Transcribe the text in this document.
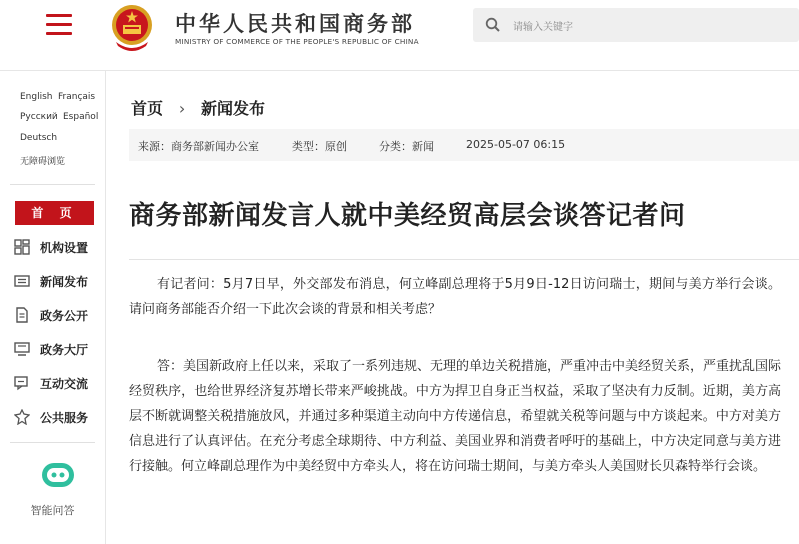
中华人民共和国商务部
MINISTRY OF COMMERCE OF THE PEOPLE'S REPUBLIC OF CHINA
请输入关键字
English Français
Русский Español
Deutsch
无障碍浏览
首 页
机构设置
新闻发布
政务公开
政务大厅
互动交流
公共服务
智能问答
首页 › 新闻发布
来源：商务部新闻办公室	类型：原创	分类：新闻	2025-05-07 06:15
商务部新闻发言人就中美经贸高层会谈答记者问

有记者问：5月7日早，外交部发布消息，何立峰副总理将于5月9日-12日访问瑞士，期间与美方举行会谈。请问商务部能否介绍一下此次会谈的背景和相关考虑？

答：美国新政府上任以来，采取了一系列违规、无理的单边关税措施，严重冲击中美经贸关系，严重扰乱国际经贸秩序，也给世界经济复苏增长带来严峻挑战。中方为捍卫自身正当权益，采取了坚决有力反制。近期，美方高层不断就调整关税措施放风，并通过多种渠道主动向中方传递信息，希望就关税等问题与中方谈起来。中方对美方信息进行了认真评估。在充分考虑全球期待、中方利益、美国业界和消费者呼吁的基础上，中方决定同意与美方进行接触。何立峰副总理作为中美经贸中方牵头人，将在访问瑞士期间，与美方牵头人美国财长贝森特举行会谈。
